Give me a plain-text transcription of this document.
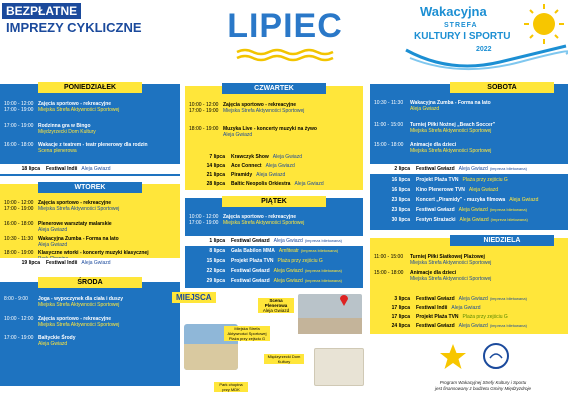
BEZPŁATNE
IMPREZY CYKLICZNE	LIPIEC	Wakacyjna
STREFA
KULTURY I SPORTU
2022
PONIEDZIAŁEK
10:00 - 12:00 Zajęcia sportowo - rekreacyjne
Miejska Strefa Aktywności Sportowej
17:00 - 19:00
17:00 - 19:00 Rodzinna gra w Bingo
Międzyrzecki Dom Kultury
16:00 - 18:00 Wakacje z teatrem - teatr plenerowy dla rodzin
Scena plenerowa
18 lipca	Festiwal Indii Aleja Gwiazd
WTOREK
10:00 - 12:00 Zajęcia sportowo - rekreacyjne
Miejska Strefa Aktywności Sportowej
17:00 - 19:00
16:00 - 18:00 Plenerowe warsztaty malarskie
Aleja Gwiazd
10:30 - 11:30 Wakacyjna Zumba - Forma na lato
Aleja Gwiazd
18:00 - 19:00 Klasyczne wtorki - koncerty muzyki klasycznej
19 lipca	Festiwal Indii Aleja Gwiazd
ŚRODA
8:00 - 9:00	Joga - wypoczynek dla ciała i duszy
Miejska Strefa Aktywności Sportowej
10:00 - 12:00 Zajęcia sportowo - rekreacyjne
Miejska Strefa Aktywności Sportowej
17:00 - 19:00 Baltyckie Środy
Aleja Gwiazd
CZWARTEK
10:00 - 12:00 Zajęcia sportowo - rekreacyjne
Miejska Strefa Aktywności Sportowej
17:00 - 19:00
18:00 - 19:00 Muzyka Live - koncerty muzyki na żywo
Aleja Gwiazd
7 lipca	Krawczyk Show Aleja Gwiazd
14 lipca	Ace Connect Aleja Gwiazd
21 lipca	Piramidy Aleja Gwiazd
28 lipca	Baltic Neopolis Orkiestra Aleja Gwiazd
PIĄTEK
10:00 - 12:00 Zajęcia sportowo - rekreacyjne
Miejska Strefa Aktywności Sportowej
17:00 - 19:00
1 lipca	Festiwal Gwiazd Aleja Gwiazd (impreza biletowana)
8 lipca	Gala Babilon MMA Amfiteatr (impreza biletowana)
15 lipca	Projekt Plaża TVN Plaża przy zejściu G
22 lipca	Festiwal Gwiazd Aleja Gwiazd (impreza biletowana)
29 lipca	Festiwal Gwiazd Aleja Gwiazd (impreza biletowana)
MIEJSCA	Scena Plenerowa
Aleja Gwiazd
Miejska Strefa Aktywności Sportowej
Plaża przy zejściu G
Międzyrzecki Dom Kultury
Park chopina
przy MDK
SOBOTA
10:30 - 11:30	Wakacyjna Zumba - Forma na lato
Aleja Gwiazd
11:00 - 15:00	Turniej Piłki Nożnej „Beach Soccer”
Miejska Strefa Aktywności Sportowej
15:00 - 18:00	Animacje dla dzieci
Miejska Strefa Aktywności Sportowej
2 lipca	Festiwal Gwiazd Aleja Gwiazd (impreza biletowana)
16 lipca	Projekt Plaża TVN Plaża przy zejściu G
16 lipca	Kino Plenerowe TVN Aleja Gwiazd
23 lipca	Koncert „Piramidy” - muzyka filmowa Aleja Gwiazd
23 lipca	Festiwal Gwiazd Aleja Gwiazd (impreza biletowana)
30 lipca	Festyn Strażacki Aleja Gwiazd (impreza biletowana)
NIEDZIELA
11:00 - 15:00	Turniej Piłki Siatkowej Plażowej
Miejska Strefa Aktywności Sportowej
15:00 - 18:00	Animacje dla dzieci
Miejska Strefa Aktywności Sportowej
3 lipca	Festiwal Gwiazd Aleja Gwiazd (impreza biletowana)
17 lipca	Festiwal Indii Aleja Gwiazd
17 lipca	Projekt Plaża TVN Plaża przy zejściu G
24 lipca	Festiwal Gwiazd Aleja Gwiazd (impreza biletowana)
Program Wakacyjnej Strefy Kultury i Sportu
jest finansowany z budżetu Gminy Międzyzdroje
